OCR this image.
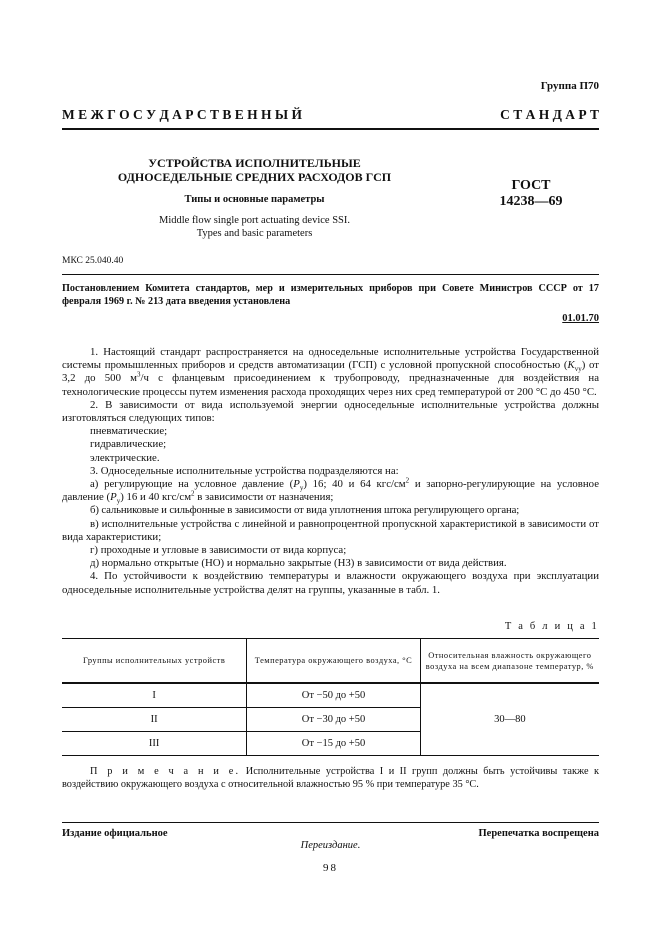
Группа П70
М Е Ж Г О С У Д А Р С Т В Е Н Н Ы Й	С Т А Н Д А Р Т
УСТРОЙСТВА ИСПОЛНИТЕЛЬНЫЕ
ОДНОСЕДЕЛЬНЫЕ СРЕДНИХ РАСХОДОВ ГСП
Типы и основные параметры
Middle flow single port actuating device SSI.
Types and basic parameters
ГОСТ
14238—69
МКС 25.040.40
Постановлением Комитета стандартов, мер и измерительных приборов при Совете Министров СССР от 17 февраля 1969 г. № 213 дата введения установлена
01.01.70

1. Настоящий стандарт распространяется на односедельные исполнительные устройства Государственной системы промышленных приборов и средств автоматизации (ГСП) с условной пропускной способностью $(K_{vy})$ от 3,2 до 500 $м^3/ч$ с фланцевым присоединением к трубопроводу, предназначенные для воздействия на технологические процессы путем изменения расхода проходящих через них сред температурой от 200 °C до 450 °C.

2. В зависимости от вида используемой энергии односедельные исполнительные устройства должны изготовляться следующих типов:

пневматические;

гидравлические;

электрические.

3. Односедельные исполнительные устройства подразделяются на:

а) регулирующие на условное давление $(P_y)$ 16; 40 и 64 кгс/$см^2$ и запорно-регулирующие на условное давление $(P_y)$ 16 и 40 кгс/$см^2$ в зависимости от назначения;

б) сальниковые и сильфонные в зависимости от вида уплотнения штока регулирующего органа;

в) исполнительные устройства с линейной и равнопроцентной пропускной характеристикой в зависимости от вида характеристики;

г) проходные и угловые в зависимости от вида корпуса;

д) нормально открытые (НО) и нормально закрытые (НЗ) в зависимости от вида действия.

4. По устойчивости к воздействию температуры и влажности окружающего воздуха при эксплуатации односедельные исполнительные устройства делят на группы, указанные в табл. 1.

Т а б л и ц а 1
Группы исполнительных устройств	Температура окружающего воздуха, °C	Относительная влажность окружающего воздуха на всем диапазоне температур, %
I	От −50 до +50	30—80
II	От −30 до +50	
III	От −15 до +50	
П р и м е ч а н и е. Исполнительные устройства I и II групп должны быть устойчивы также к воздействию окружающего воздуха с относительной влажностью 95 % при температуре 35 °C.
Издание официальное	Перепечатка воспрещена
Переиздание.
98
